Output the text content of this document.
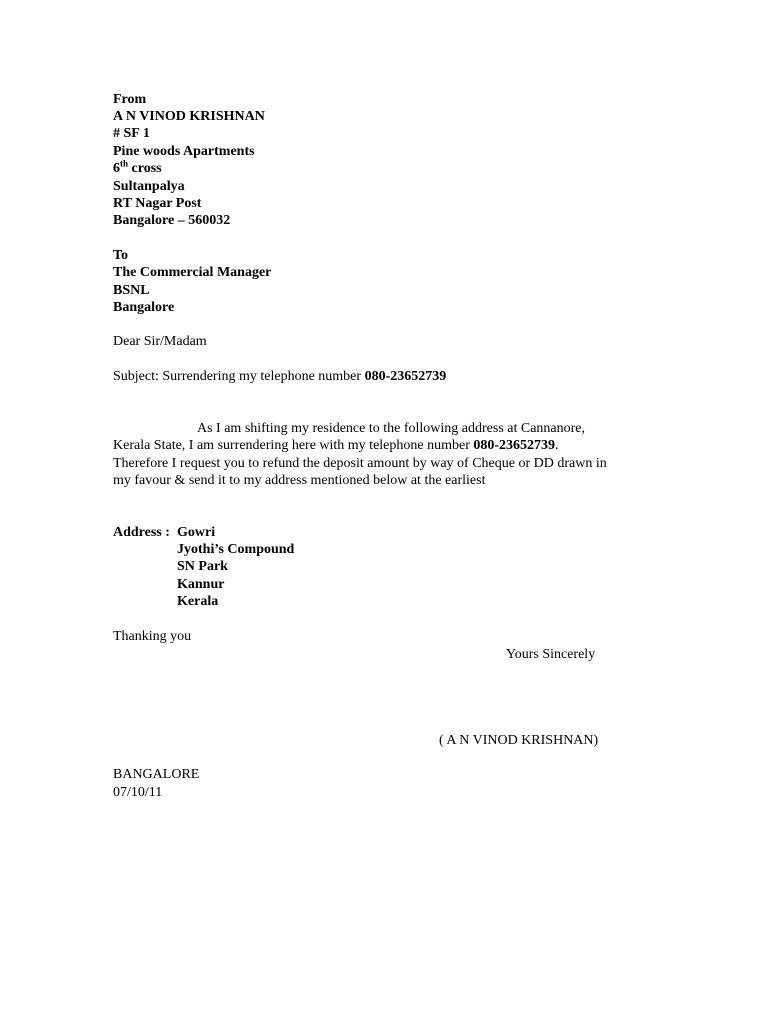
From
A N VINOD KRISHNAN
# SF 1
Pine woods Apartments
6th cross
Sultanpalya
RT Nagar Post
Bangalore – 560032
To
The Commercial Manager
BSNL
Bangalore
Dear Sir/Madam
Subject: Surrendering my telephone number 080-23652739
As I am shifting my residence to the following address at Cannanore,
Kerala State, I am surrendering here with my telephone number 080-23652739.
Therefore I request you to refund the deposit amount by way of Cheque or DD drawn in
my favour & send it to my address mentioned below at the earliest
Address : Gowri
Jyothi’s Compound
SN Park
Kannur
Kerala
Thanking you
Yours Sincerely
( A N VINOD KRISHNAN)
BANGALORE
07/10/11
